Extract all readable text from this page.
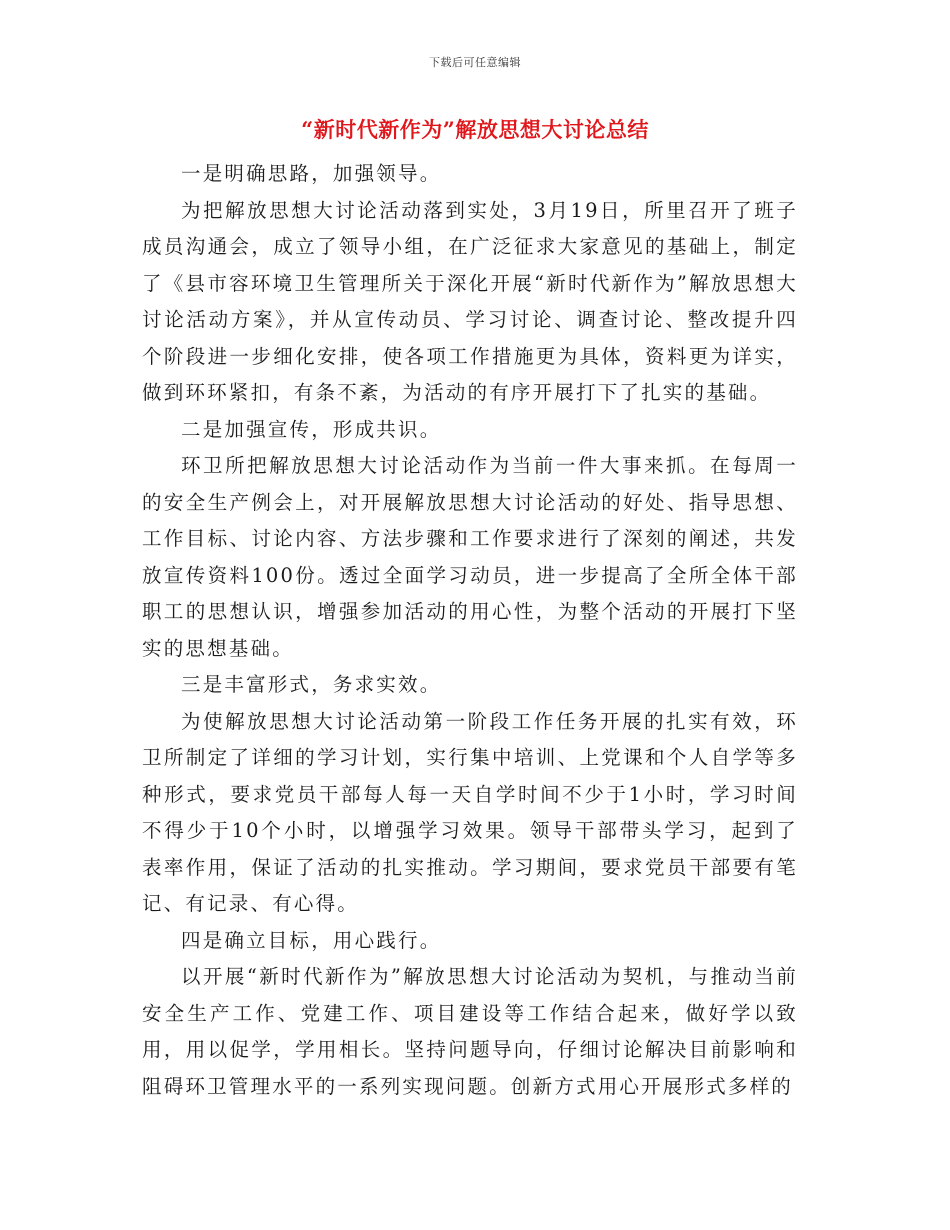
下载后可任意编辑
“新时代新作为”解放思想大讨论总结

一是明确思路，加强领导。

为把解放思想大讨论活动落到实处，3月19日，所里召开了班子成员沟通会，成立了领导小组，在广泛征求大家意见的基础上，制定了《县市容环境卫生管理所关于深化开展“新时代新作为”解放思想大讨论活动方案》，并从宣传动员、学习讨论、调查讨论、整改提升四个阶段进一步细化安排，使各项工作措施更为具体，资料更为详实，做到环环紧扣，有条不紊，为活动的有序开展打下了扎实的基础。

二是加强宣传，形成共识。

环卫所把解放思想大讨论活动作为当前一件大事来抓。在每周一的安全生产例会上，对开展解放思想大讨论活动的好处、指导思想、工作目标、讨论内容、方法步骤和工作要求进行了深刻的阐述，共发放宣传资料100份。透过全面学习动员，进一步提高了全所全体干部职工的思想认识，增强参加活动的用心性，为整个活动的开展打下坚实的思想基础。

三是丰富形式，务求实效。

为使解放思想大讨论活动第一阶段工作任务开展的扎实有效，环卫所制定了详细的学习计划，实行集中培训、上党课和个人自学等多种形式，要求党员干部每人每一天自学时间不少于1小时，学习时间不得少于10个小时，以增强学习效果。领导干部带头学习，起到了表率作用，保证了活动的扎实推动。学习期间，要求党员干部要有笔记、有记录、有心得。

四是确立目标，用心践行。

以开展“新时代新作为”解放思想大讨论活动为契机，与推动当前安全生产工作、党建工作、项目建设等工作结合起来，做好学以致用，用以促学，学用相长。坚持问题导向，仔细讨论解决目前影响和阻碍环卫管理水平的一系列实现问题。创新方式用心开展形式多样的
